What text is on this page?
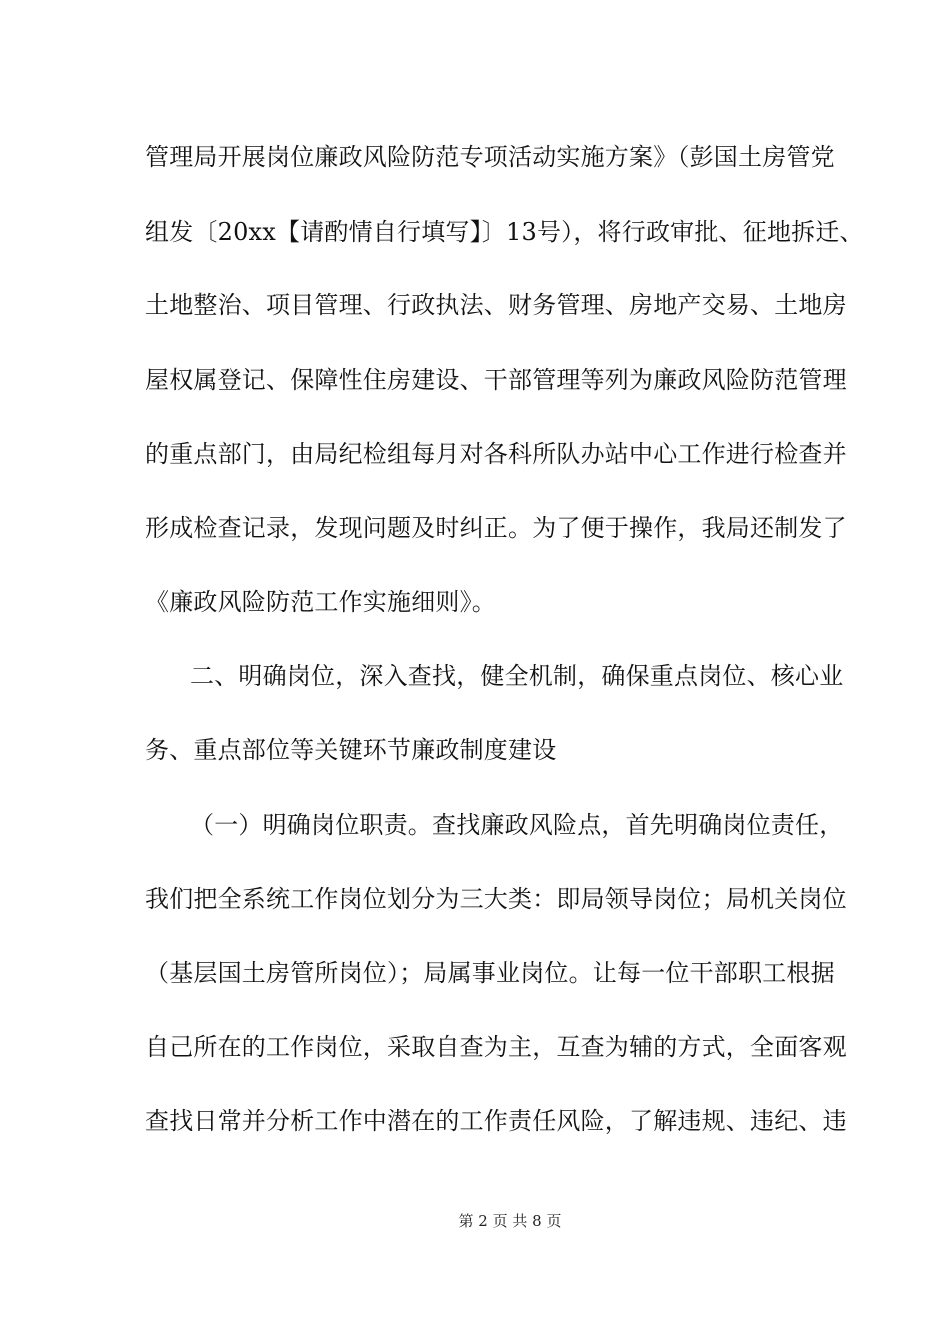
管理局开展岗位廉政风险防范专项活动实施方案》（彭国土房管党
组发〔20xx【请酌情自行填写】〕13号），将行政审批、征地拆迁、
土地整治、项目管理、行政执法、财务管理、房地产交易、土地房
屋权属登记、保障性住房建设、干部管理等列为廉政风险防范管理
的重点部门，由局纪检组每月对各科所队办站中心工作进行检查并
形成检查记录，发现问题及时纠正。为了便于操作，我局还制发了
《廉政风险防范工作实施细则》。
二、明确岗位，深入查找，健全机制，确保重点岗位、核心业
务、重点部位等关键环节廉政制度建设
（一）明确岗位职责。查找廉政风险点，首先明确岗位责任，
我们把全系统工作岗位划分为三大类：即局领导岗位；局机关岗位
（基层国土房管所岗位）；局属事业岗位。让每一位干部职工根据
自己所在的工作岗位，采取自查为主，互查为辅的方式，全面客观
查找日常并分析工作中潜在的工作责任风险，了解违规、违纪、违
第 2 页 共 8 页
